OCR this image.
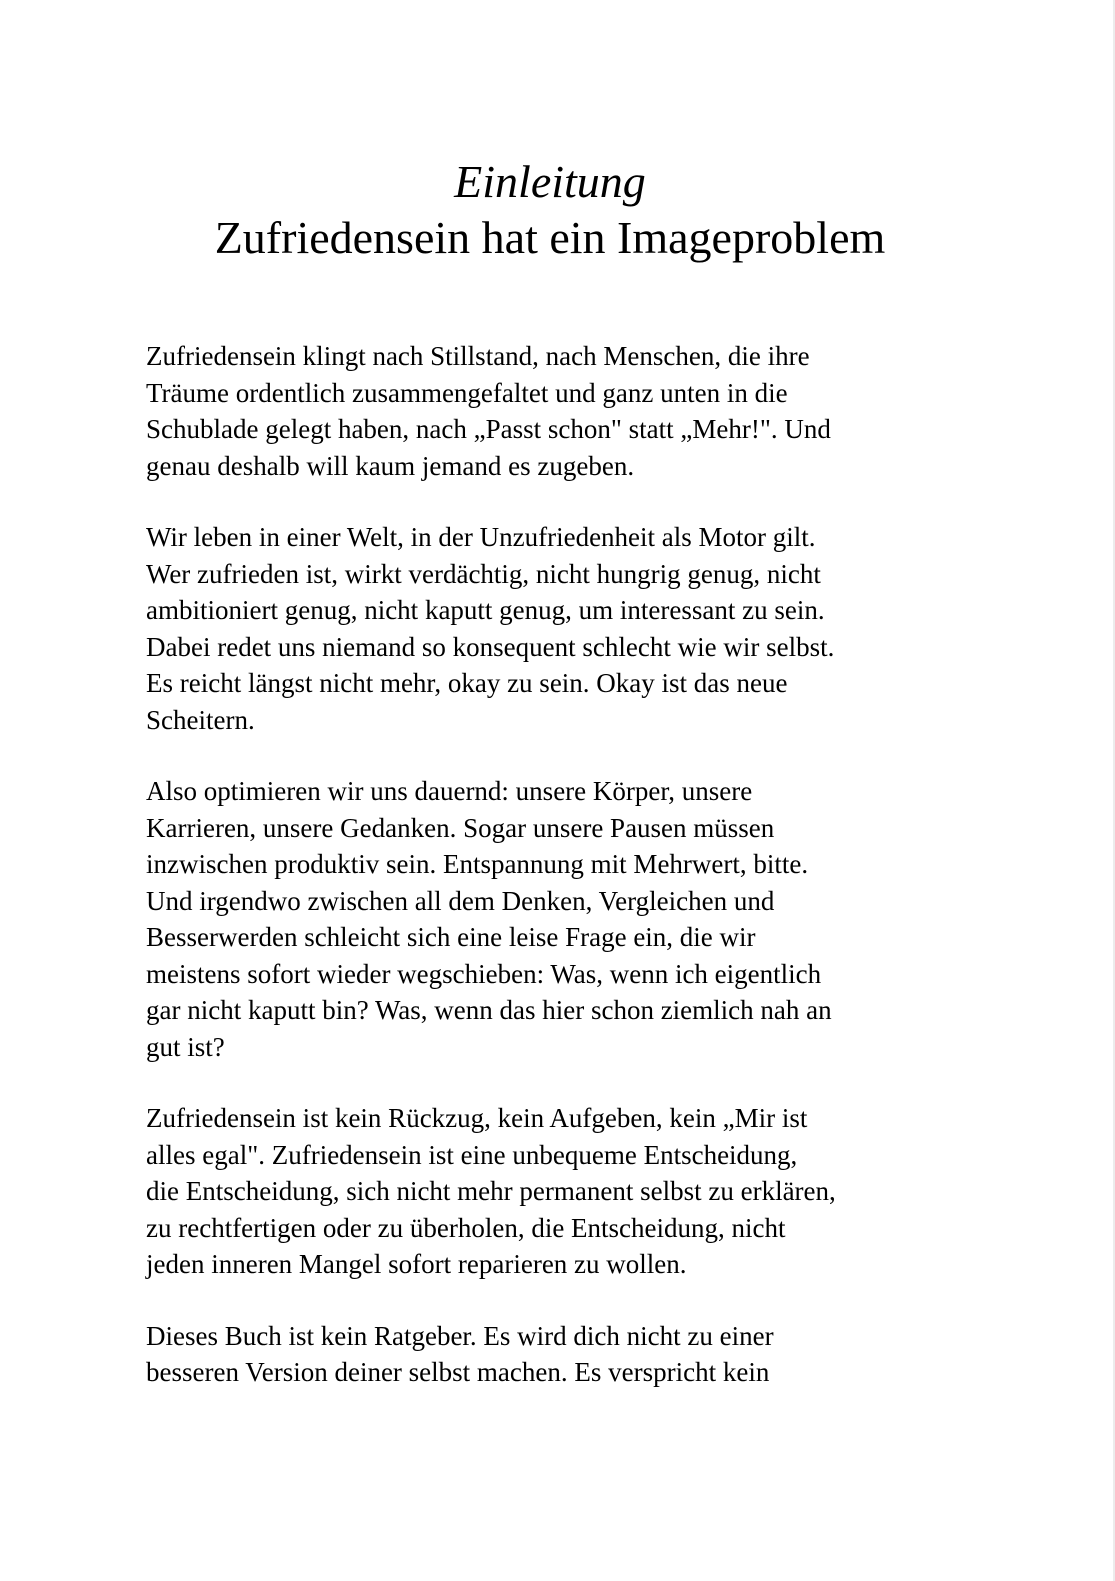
Einleitung
Zufriedensein hat ein Imageproblem

Zufriedensein klingt nach Stillstand, nach Menschen, die ihre
Träume ordentlich zusammengefaltet und ganz unten in die
Schublade gelegt haben, nach „Passt schon" statt „Mehr!". Und
genau deshalb will kaum jemand es zugeben.

Wir leben in einer Welt, in der Unzufriedenheit als Motor gilt.
Wer zufrieden ist, wirkt verdächtig, nicht hungrig genug, nicht
ambitioniert genug, nicht kaputt genug, um interessant zu sein.
Dabei redet uns niemand so konsequent schlecht wie wir selbst.
Es reicht längst nicht mehr, okay zu sein. Okay ist das neue
Scheitern.

Also optimieren wir uns dauernd: unsere Körper, unsere
Karrieren, unsere Gedanken. Sogar unsere Pausen müssen
inzwischen produktiv sein. Entspannung mit Mehrwert, bitte.
Und irgendwo zwischen all dem Denken, Vergleichen und
Besserwerden schleicht sich eine leise Frage ein, die wir
meistens sofort wieder wegschieben: Was, wenn ich eigentlich
gar nicht kaputt bin? Was, wenn das hier schon ziemlich nah an
gut ist?

Zufriedensein ist kein Rückzug, kein Aufgeben, kein „Mir ist
alles egal". Zufriedensein ist eine unbequeme Entscheidung,
die Entscheidung, sich nicht mehr permanent selbst zu erklären,
zu rechtfertigen oder zu überholen, die Entscheidung, nicht
jeden inneren Mangel sofort reparieren zu wollen.

Dieses Buch ist kein Ratgeber. Es wird dich nicht zu einer
besseren Version deiner selbst machen. Es verspricht kein
